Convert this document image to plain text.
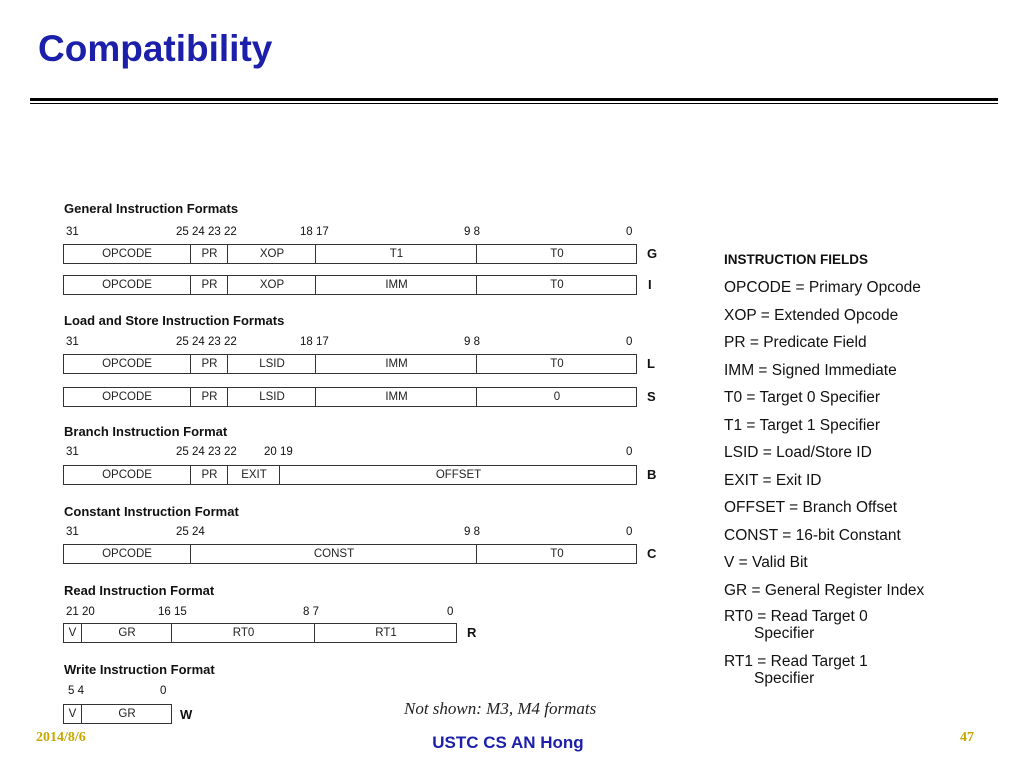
Compatibility
General Instruction Formats
31	25 24 23 22	18 17	9 8	0
OPCODE	PR	XOP	T1	T0	G
OPCODE	PR	XOP	IMM	T0	I
Load and Store Instruction Formats
31	25 24 23 22	18 17	9 8	0
OPCODE	PR	LSID	IMM	T0	L
OPCODE	PR	LSID	IMM	0	S
Branch Instruction Format
31	25 24 23 22 20 19	0
OPCODE	PR	EXIT	OFFSET	B
Constant Instruction Format
31	25 24	9 8	0
OPCODE	CONST	T0	C
Read Instruction Format
21 20	16 15	8 7	0
V	GR	RT0	RT1	R
Write Instruction Format
5 4	0
V	GR	W
INSTRUCTION FIELDS
OPCODE = Primary Opcode
XOP = Extended Opcode
PR = Predicate Field
IMM = Signed Immediate
T0 = Target 0 Specifier
T1 = Target 1 Specifier
LSID = Load/Store ID
EXIT = Exit ID
OFFSET = Branch Offset
CONST = 16-bit Constant
V = Valid Bit
GR = General Register Index
RT0 = Read Target 0
Specifier
RT1 = Read Target 1
Specifier
Not shown: M3, M4 formats
2014/8/6	USTC CS AN Hong	47
